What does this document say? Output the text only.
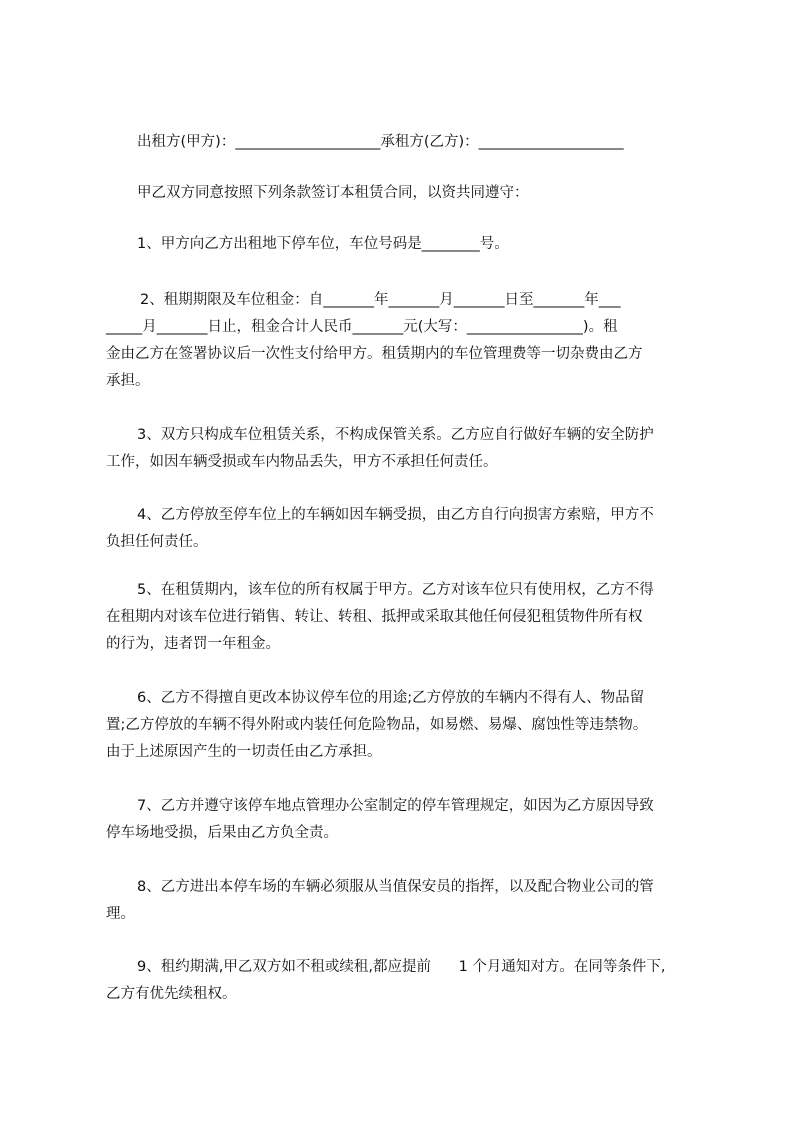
出租方(甲方)：____________________承租方(乙方)：____________________
甲乙双方同意按照下列条款签订本租赁合同，以资共同遵守：
1、甲方向乙方出租地下停车位，车位号码是________号。
2、租期期限及车位租金：自_______年_______月_______日至_______年___
_____月_______日止，租金合计人民币_______元(大写：________________)。租
金由乙方在签署协议后一次性支付给甲方。租赁期内的车位管理费等一切杂费由乙方
承担。
3、双方只构成车位租赁关系，不构成保管关系。乙方应自行做好车辆的安全防护
工作，如因车辆受损或车内物品丢失，甲方不承担任何责任。
4、乙方停放至停车位上的车辆如因车辆受损，由乙方自行向损害方索赔，甲方不
负担任何责任。
5、在租赁期内，该车位的所有权属于甲方。乙方对该车位只有使用权，乙方不得
在租期内对该车位进行销售、转让、转租、抵押或采取其他任何侵犯租赁物件所有权
的行为，违者罚一年租金。
6、乙方不得擅自更改本协议停车位的用途;乙方停放的车辆内不得有人、物品留
置;乙方停放的车辆不得外附或内装任何危险物品，如易燃、易爆、腐蚀性等违禁物。
由于上述原因产生的一切责任由乙方承担。
7、乙方并遵守该停车地点管理办公室制定的停车管理规定，如因为乙方原因导致
停车场地受损，后果由乙方负全责。
8、乙方进出本停车场的车辆必须服从当值保安员的指挥，以及配合物业公司的管
理。
9、租约期满,甲乙双方如不租或续租,都应提前      1 个月通知对方。在同等条件下,
乙方有优先续租权。
